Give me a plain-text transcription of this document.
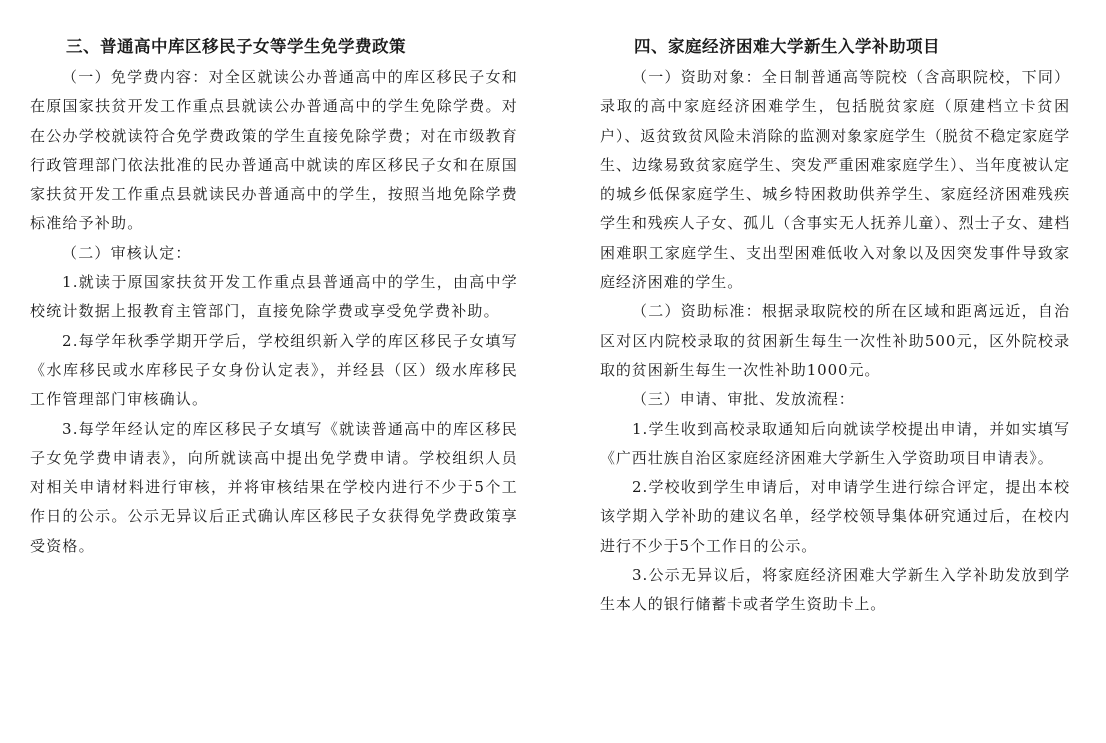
三、普通高中库区移民子女等学生免学费政策

（一）免学费内容：对全区就读公办普通高中的库区移民子女和在原国家扶贫开发工作重点县就读公办普通高中的学生免除学费。对在公办学校就读符合免学费政策的学生直接免除学费；对在市级教育行政管理部门依法批准的民办普通高中就读的库区移民子女和在原国家扶贫开发工作重点县就读民办普通高中的学生，按照当地免除学费标准给予补助。

（二）审核认定：

1.就读于原国家扶贫开发工作重点县普通高中的学生，由高中学校统计数据上报教育主管部门，直接免除学费或享受免学费补助。

2.每学年秋季学期开学后，学校组织新入学的库区移民子女填写《水库移民或水库移民子女身份认定表》，并经县（区）级水库移民工作管理部门审核确认。

3.每学年经认定的库区移民子女填写《就读普通高中的库区移民子女免学费申请表》，向所就读高中提出免学费申请。学校组织人员对相关申请材料进行审核，并将审核结果在学校内进行不少于5个工作日的公示。公示无异议后正式确认库区移民子女获得免学费政策享受资格。

四、家庭经济困难大学新生入学补助项目

（一）资助对象：全日制普通高等院校（含高职院校，下同）录取的高中家庭经济困难学生，包括脱贫家庭（原建档立卡贫困户）、返贫致贫风险未消除的监测对象家庭学生（脱贫不稳定家庭学生、边缘易致贫家庭学生、突发严重困难家庭学生）、当年度被认定的城乡低保家庭学生、城乡特困救助供养学生、家庭经济困难残疾学生和残疾人子女、孤儿（含事实无人抚养儿童）、烈士子女、建档困难职工家庭学生、支出型困难低收入对象以及因突发事件导致家庭经济困难的学生。

（二）资助标准：根据录取院校的所在区域和距离远近，自治区对区内院校录取的贫困新生每生一次性补助500元，区外院校录取的贫困新生每生一次性补助1000元。

（三）申请、审批、发放流程：

1.学生收到高校录取通知后向就读学校提出申请，并如实填写《广西壮族自治区家庭经济困难大学新生入学资助项目申请表》。

2.学校收到学生申请后，对申请学生进行综合评定，提出本校该学期入学补助的建议名单，经学校领导集体研究通过后，在校内进行不少于5个工作日的公示。

3.公示无异议后，将家庭经济困难大学新生入学补助发放到学生本人的银行储蓄卡或者学生资助卡上。
